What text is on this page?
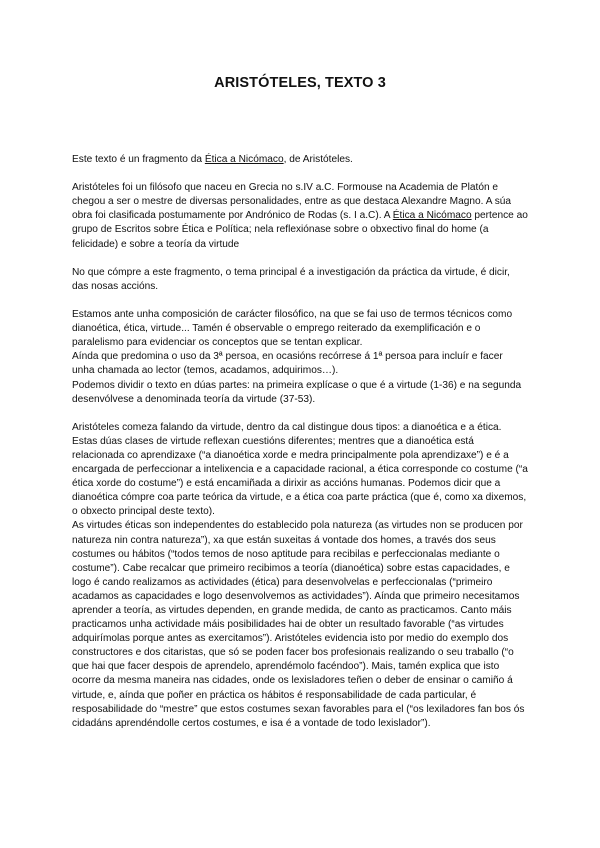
ARISTÓTELES, TEXTO 3

Este texto é un fragmento da Ética a Nicómaco, de Aristóteles.

Aristóteles foi un filósofo que naceu en Grecia no s.IV a.C. Formouse na Academia de Platón e chegou a ser o mestre de diversas personalidades, entre as que destaca Alexandre Magno. A súa obra foi clasificada postumamente por Andrónico de Rodas (s. I a.C). A Ética a Nicómaco pertence ao grupo de Escritos sobre Ética e Política; nela reflexiónase sobre o obxectivo final do home (a felicidade) e sobre a teoría da virtude

No que cómpre a este fragmento, o tema principal é a investigación da práctica da virtude, é dicir, das nosas accións.

Estamos ante unha composición de carácter filosófico, na que se fai uso de termos técnicos como dianoética, ética, virtude... Tamén é observable o emprego reiterado da exemplificación e o paralelismo para evidenciar os conceptos que se tentan explicar.

Aínda que predomina o uso da 3ª persoa, en ocasións recórrese á 1ª persoa para incluír e facer unha chamada ao lector (temos, acadamos, adquirimos…).

Podemos dividir o texto en dúas partes: na primeira explícase o que é a virtude (1-36) e na segunda desenvólvese a denominada teoría da virtude (37-53).

Aristóteles comeza falando da virtude, dentro da cal distingue dous tipos: a dianoética e a ética. Estas dúas clases de virtude reflexan cuestións diferentes; mentres que a dianoética está relacionada co aprendizaxe (“a dianoética xorde e medra principalmente pola aprendizaxe”) e é a encargada de perfeccionar a intelixencia e a capacidade racional, a ética corresponde co costume (“a ética xorde do costume”) e está encamiñada a dirixir as accións humanas. Podemos dicir que a dianoética cómpre coa parte teórica da virtude, e a ética coa parte práctica (que é, como xa dixemos, o obxecto principal deste texto).

As virtudes éticas son independentes do establecido pola natureza (as virtudes non se producen por natureza nin contra natureza”), xa que están suxeitas á vontade dos homes, a través dos seus costumes ou hábitos (“todos temos de noso aptitude para recibilas e perfeccionalas mediante o costume”). Cabe recalcar que primeiro recibimos a teoría (dianoética) sobre estas capacidades, e logo é cando realizamos as actividades (ética) para desenvolvelas e perfeccionalas (“primeiro acadamos as capacidades e logo desenvolvemos as actividades”). Aínda que primeiro necesitamos aprender a teoría, as virtudes dependen, en grande medida, de canto as practicamos. Canto máis practicamos unha actividade máis posibilidades hai de obter un resultado favorable (“as virtudes adquirímolas porque antes as exercitamos”). Aristóteles evidencia isto por medio do exemplo dos constructores e dos citaristas, que só se poden facer bos profesionais realizando o seu traballo (“o que hai que facer despois de aprendelo, aprendémolo facéndoo”). Mais, tamén explica que isto ocorre da mesma maneira nas cidades, onde os lexisladores teñen o deber de ensinar o camiño á virtude, e, aínda que poñer en práctica os hábitos é responsabilidade de cada particular, é resposabilidade do “mestre” que estos costumes sexan favorables para el (“os lexiladores fan bos ós cidadáns aprendéndolle certos costumes, e isa é a vontade de todo lexislador”).
